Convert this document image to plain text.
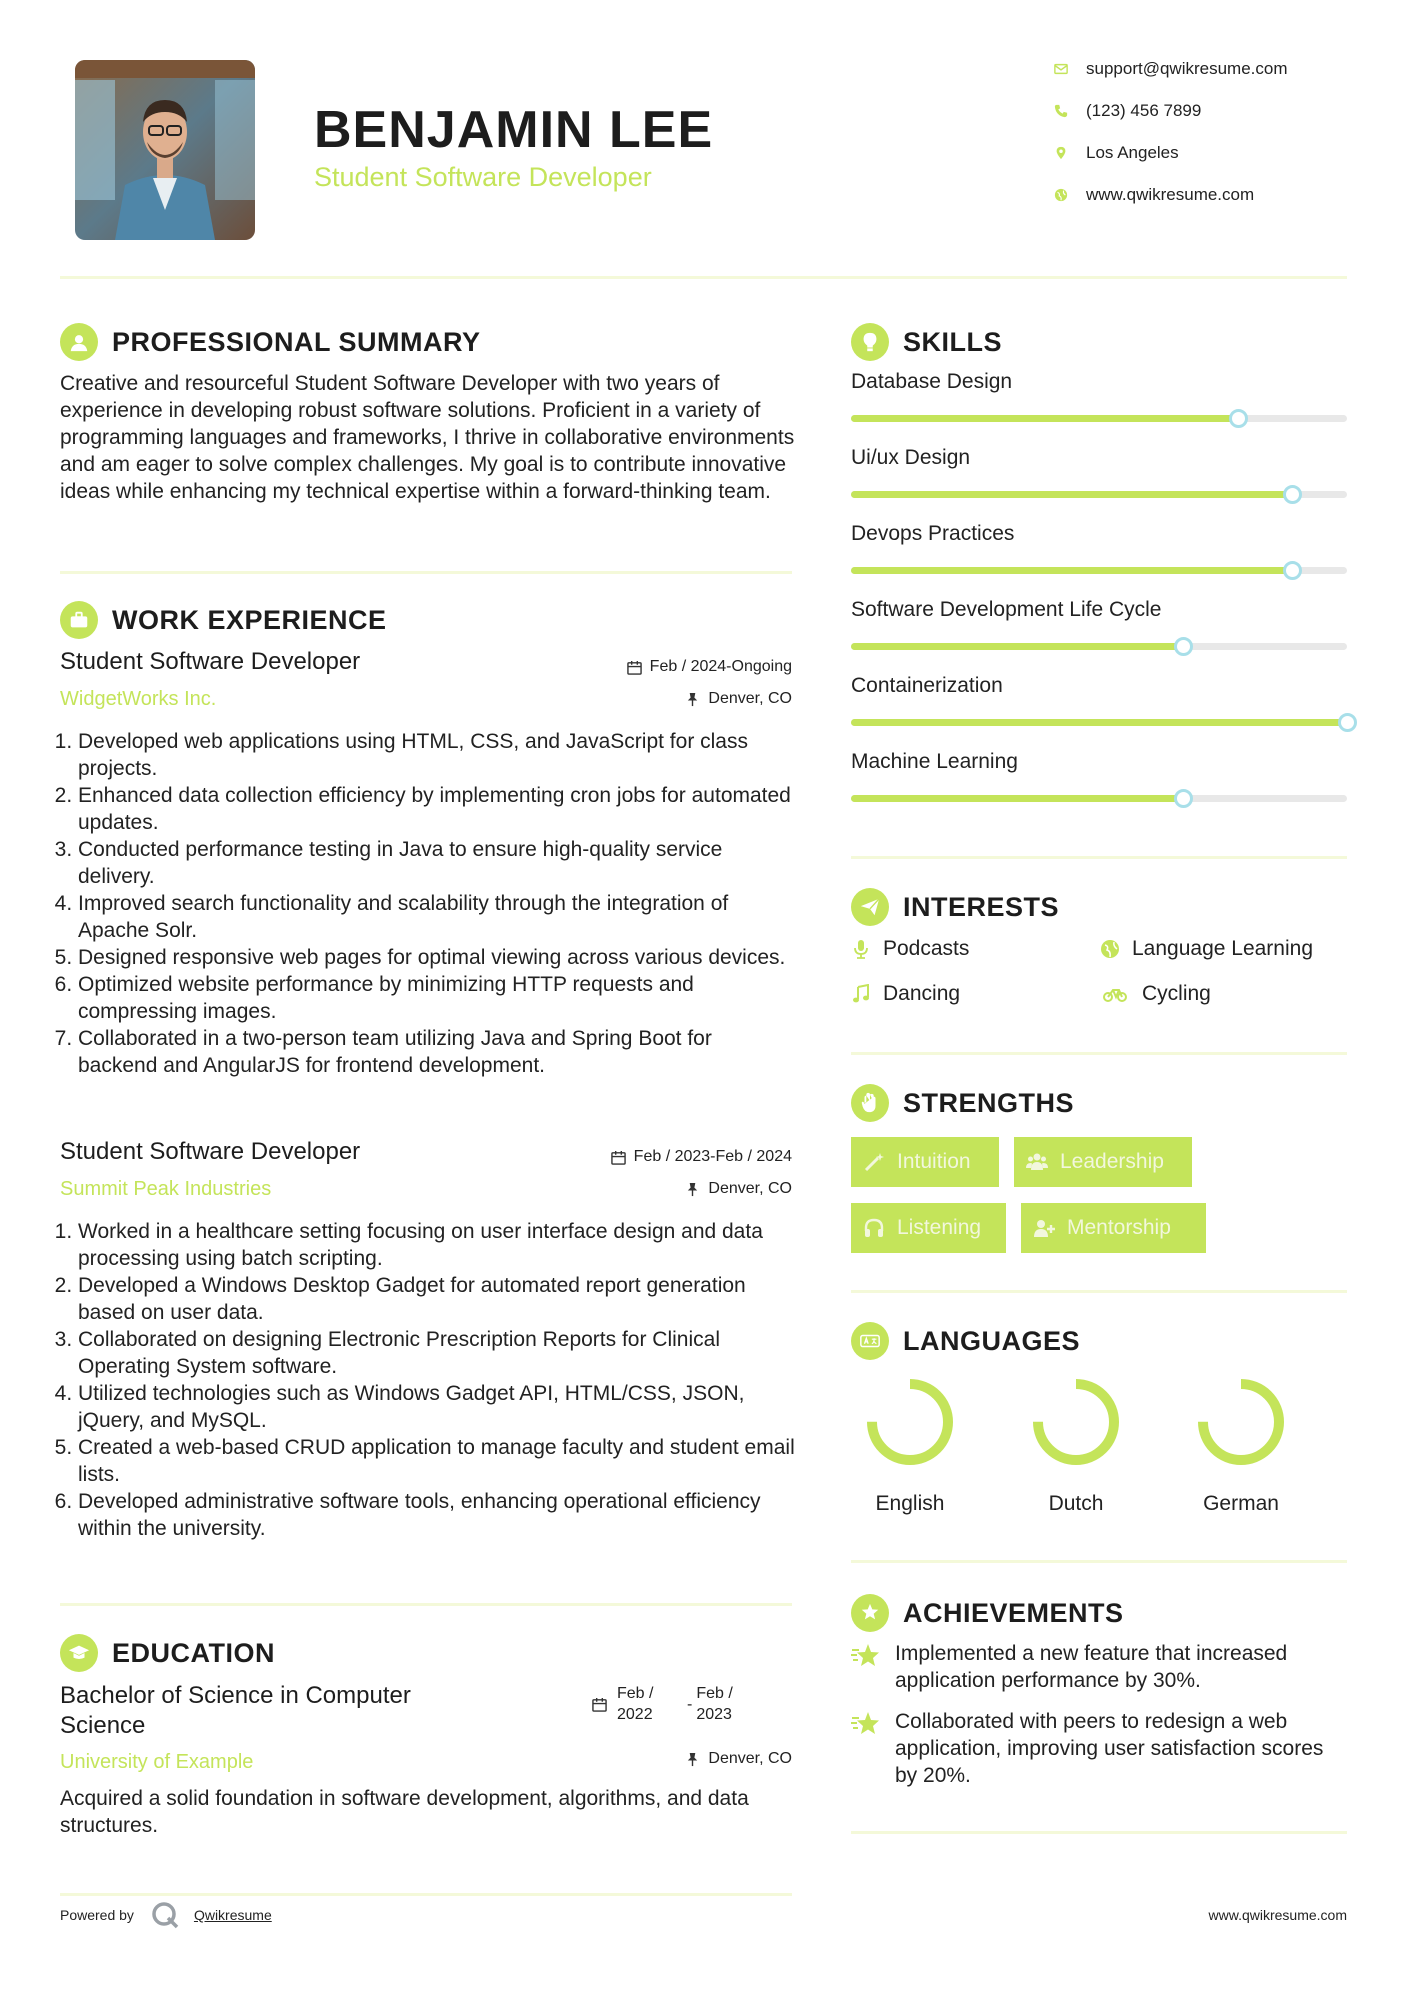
BENJAMIN LEE
Student Software Developer
support@qwikresume.com
(123) 456 7899
Los Angeles
www.qwikresume.com
PROFESSIONAL SUMMARY
Creative and resourceful Student Software Developer with two years of experience in developing robust software solutions. Proficient in a variety of programming languages and frameworks, I thrive in collaborative environments and am eager to solve complex challenges. My goal is to contribute innovative ideas while enhancing my technical expertise within a forward-thinking team.
WORK EXPERIENCE
Student Software Developer
WidgetWorks Inc.
Feb / 2024-Ongoing
Denver, CO
1. Developed web applications using HTML, CSS, and JavaScript for class projects.
2. Enhanced data collection efficiency by implementing cron jobs for automated updates.
3. Conducted performance testing in Java to ensure high-quality service delivery.
4. Improved search functionality and scalability through the integration of Apache Solr.
5. Designed responsive web pages for optimal viewing across various devices.
6. Optimized website performance by minimizing HTTP requests and compressing images.
7. Collaborated in a two-person team utilizing Java and Spring Boot for backend and AngularJS for frontend development.
Student Software Developer
Summit Peak Industries
Feb / 2023-Feb / 2024
Denver, CO
1. Worked in a healthcare setting focusing on user interface design and data processing using batch scripting.
2. Developed a Windows Desktop Gadget for automated report generation based on user data.
3. Collaborated on designing Electronic Prescription Reports for Clinical Operating System software.
4. Utilized technologies such as Windows Gadget API, HTML/CSS, JSON, jQuery, and MySQL.
5. Created a web-based CRUD application to manage faculty and student email lists.
6. Developed administrative software tools, enhancing operational efficiency within the university.
EDUCATION
Bachelor of Science in Computer Science
University of Example
Feb / 2022
-
Feb / 2023
Denver, CO
Acquired a solid foundation in software development, algorithms, and data structures.
SKILLS
Database Design
Ui/ux Design
Devops Practices
Software Development Life Cycle
Containerization
Machine Learning
INTERESTS
Podcasts	Language Learning
Dancing	Cycling
STRENGTHS
Intuition	Leadership
Listening	Mentorship
LANGUAGES
English	Dutch	German
ACHIEVEMENTS
Implemented a new feature that increased application performance by 30%.
Collaborated with peers to redesign a web application, improving user satisfaction scores by 20%.
Powered by	Qwikresume	www.qwikresume.com
